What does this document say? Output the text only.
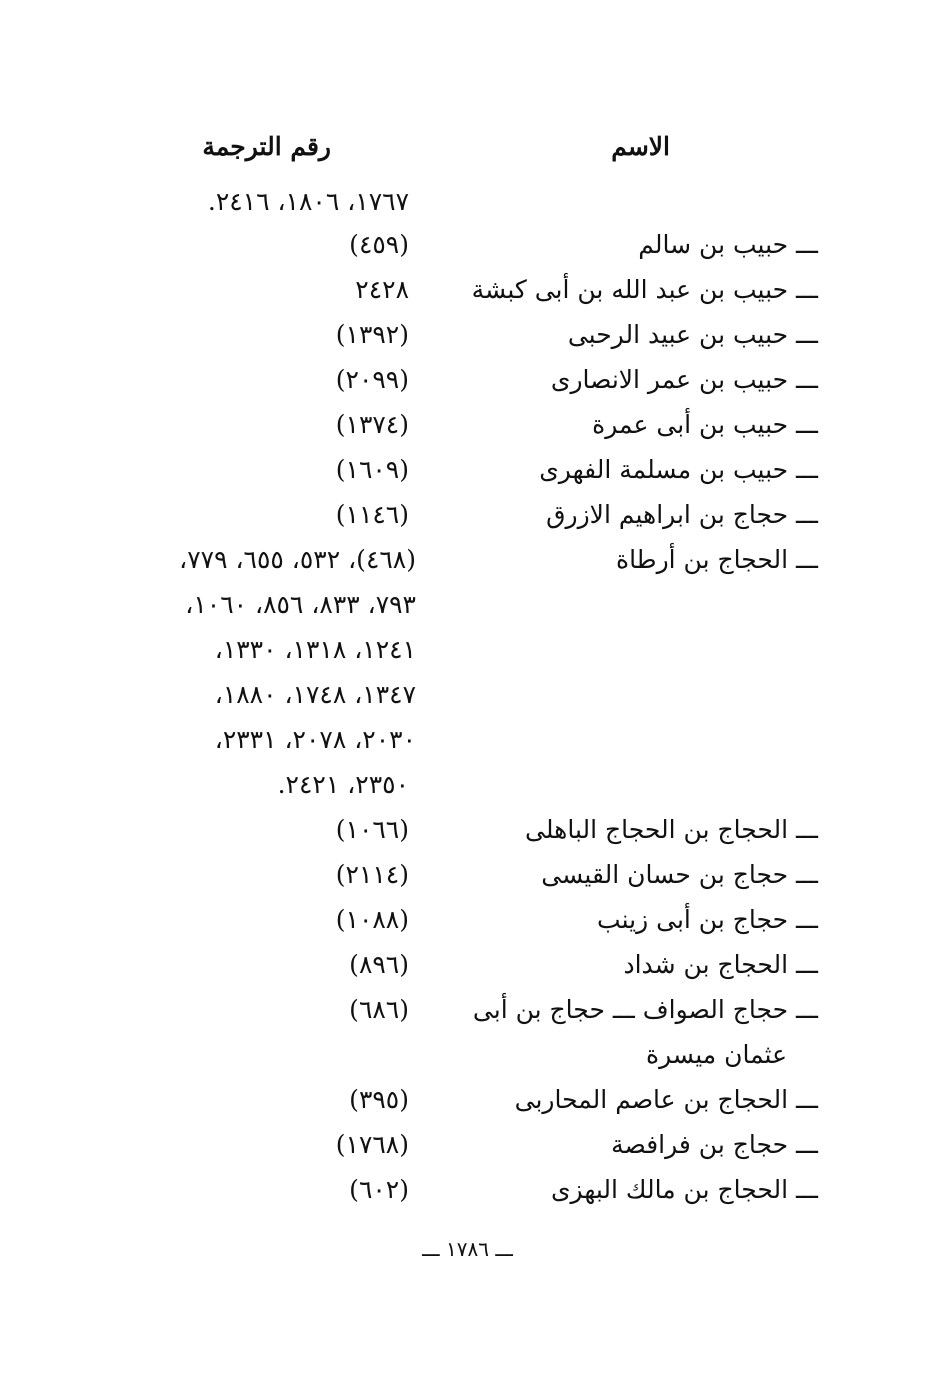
الاسم
رقم الترجمة
١٧٦٧، ١٨٠٦، ٢٤١٦.
ـــ حبيب بن سالم
(٤٥٩)
ـــ حبيب بن عبد الله بن أبى كبشة
٢٤٢٨
ـــ حبيب بن عبيد الرحبى
(١٣٩٢)
ـــ حبيب بن عمر الانصارى
(٢٠٩٩)
ـــ حبيب بن أبى عمرة
(١٣٧٤)
ـــ حبيب بن مسلمة الفهرى
(١٦٠٩)
ـــ حجاج بن ابراهيم الازرق
(١١٤٦)
ـــ الحجاج بن أرطاة
(٤٦٨)، ٥٣٢، ٦٥٥، ٧٧٩،
٧٩٣، ٨٣٣، ٨٥٦، ١٠٦٠،
١٢٤١، ١٣١٨، ١٣٣٠،
١٣٤٧، ١٧٤٨، ١٨٨٠،
٢٠٣٠، ٢٠٧٨، ٢٣٣١،
٢٣٥٠، ٢٤٢١.
ـــ الحجاج بن الحجاج الباهلى
(١٠٦٦)
ـــ حجاج بن حسان القيسى
(٢١١٤)
ـــ حجاج بن أبى زينب
(١٠٨٨)
ـــ الحجاج بن شداد
(٨٩٦)
ـــ حجاج الصواف ـــ حجاج بن أبى
(٦٨٦)
عثمان ميسرة
ـــ الحجاج بن عاصم المحاربى
(٣٩٥)
ـــ حجاج بن فرافصة
(١٧٦٨)
ـــ الحجاج بن مالك البهزى
(٦٠٢)
ـــ ١٧٨٦ ـــ
